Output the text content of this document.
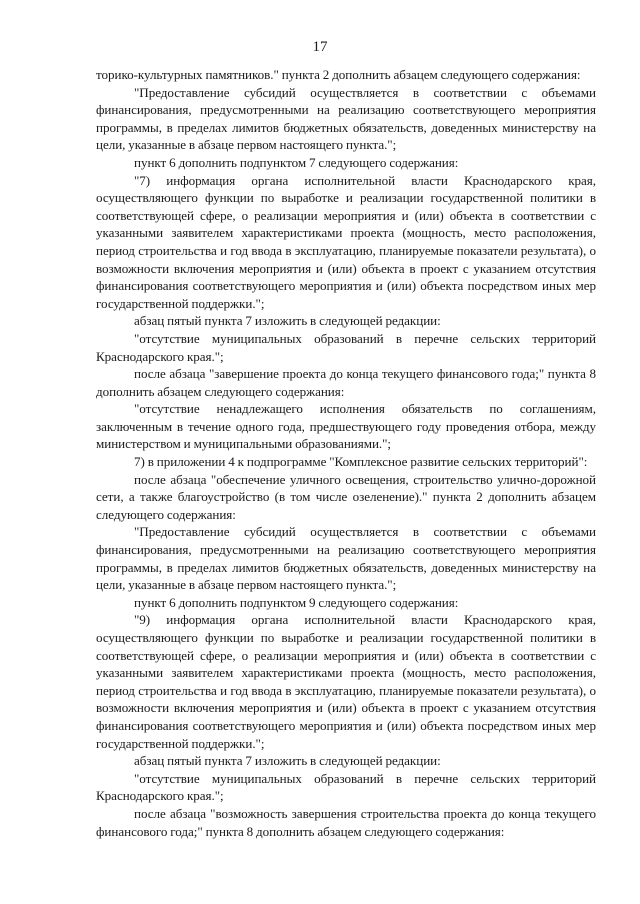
17

торико-культурных памятников." пункта 2 дополнить абзацем следующего содержания:

"Предоставление субсидий осуществляется в соответствии с объемами финансирования, предусмотренными на реализацию соответствующего мероприятия программы, в пределах лимитов бюджетных обязательств, доведенных министерству на цели, указанные в абзаце первом настоящего пункта.";

пункт 6 дополнить подпунктом 7 следующего содержания:

"7) информация органа исполнительной власти Краснодарского края, осуществляющего функции по выработке и реализации государственной политики в соответствующей сфере, о реализации мероприятия и (или) объекта в соответствии с указанными заявителем характеристиками проекта (мощность, место расположения, период строительства и год ввода в эксплуатацию, планируемые показатели результата), о возможности включения мероприятия и (или) объекта в проект с указанием отсутствия финансирования соответствующего мероприятия и (или) объекта посредством иных мер государственной поддержки.";

абзац пятый пункта 7 изложить в следующей редакции:

"отсутствие муниципальных образований в перечне сельских территорий Краснодарского края.";

после абзаца "завершение проекта до конца текущего финансового года;" пункта 8 дополнить абзацем следующего содержания:

"отсутствие ненадлежащего исполнения обязательств по соглашениям, заключенным в течение одного года, предшествующего году проведения отбора, между министерством и муниципальными образованиями.";

7) в приложении 4 к подпрограмме "Комплексное развитие сельских территорий":

после абзаца "обеспечение уличного освещения, строительство улично-дорожной сети, а также благоустройство (в том числе озеленение)." пункта 2 дополнить абзацем следующего содержания:

"Предоставление субсидий осуществляется в соответствии с объемами финансирования, предусмотренными на реализацию соответствующего мероприятия программы, в пределах лимитов бюджетных обязательств, доведенных министерству на цели, указанные в абзаце первом настоящего пункта.";

пункт 6 дополнить подпунктом 9 следующего содержания:

"9) информация органа исполнительной власти Краснодарского края, осуществляющего функции по выработке и реализации государственной политики в соответствующей сфере, о реализации мероприятия и (или) объекта в соответствии с указанными заявителем характеристиками проекта (мощность, место расположения, период строительства и год ввода в эксплуатацию, планируемые показатели результата), о возможности включения мероприятия и (или) объекта в проект с указанием отсутствия финансирования соответствующего мероприятия и (или) объекта посредством иных мер государственной поддержки.";

абзац пятый пункта 7 изложить в следующей редакции:

"отсутствие муниципальных образований в перечне сельских территорий Краснодарского края.";

после абзаца "возможность завершения строительства проекта до конца текущего финансового года;" пункта 8 дополнить абзацем следующего содержания:
